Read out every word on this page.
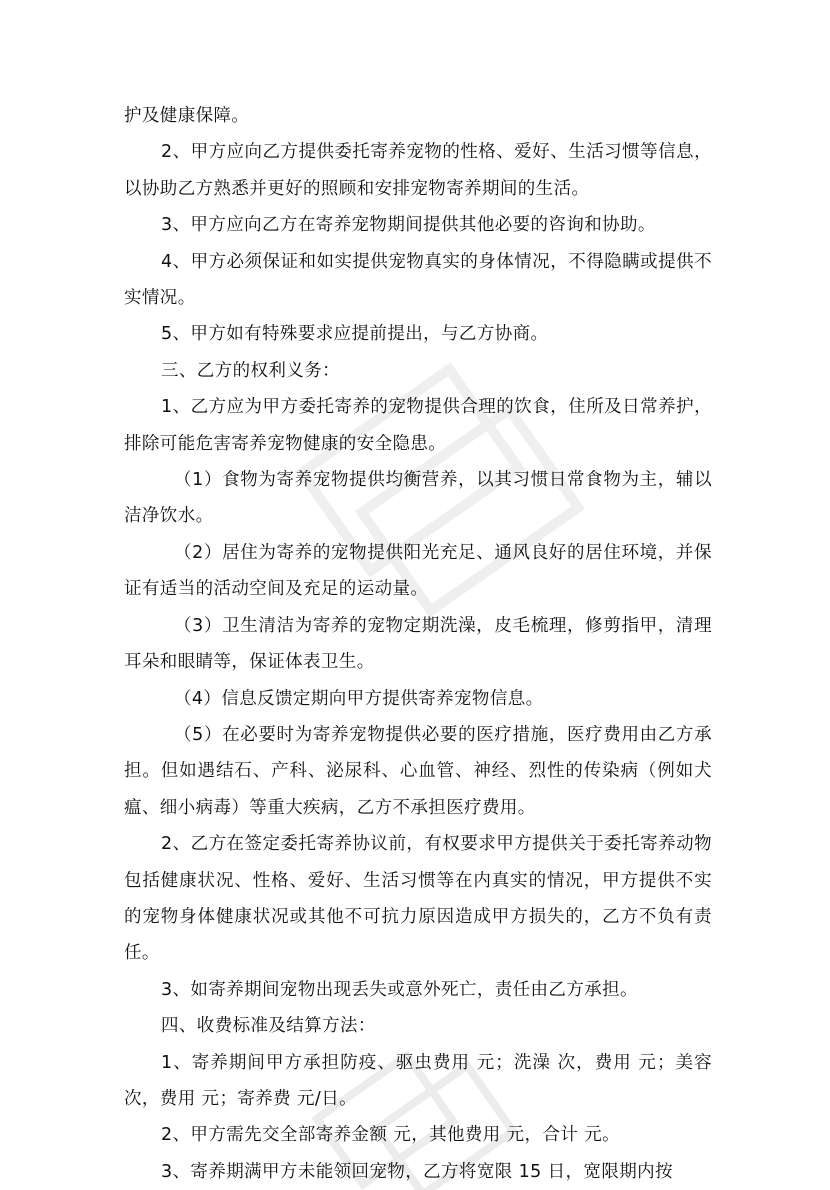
护及健康保障。

2、甲方应向乙方提供委托寄养宠物的性格、爱好、生活习惯等信息，以协助乙方熟悉并更好的照顾和安排宠物寄养期间的生活。

3、甲方应向乙方在寄养宠物期间提供其他必要的咨询和协助。

4、甲方必须保证和如实提供宠物真实的身体情况，不得隐瞒或提供不实情况。

5、甲方如有特殊要求应提前提出，与乙方协商。

三、乙方的权利义务：

1、乙方应为甲方委托寄养的宠物提供合理的饮食，住所及日常养护，排除可能危害寄养宠物健康的安全隐患。

（1）食物为寄养宠物提供均衡营养，以其习惯日常食物为主，辅以洁净饮水。

（2）居住为寄养的宠物提供阳光充足、通风良好的居住环境，并保证有适当的活动空间及充足的运动量。

（3）卫生清洁为寄养的宠物定期洗澡，皮毛梳理，修剪指甲，清理耳朵和眼睛等，保证体表卫生。

（4）信息反馈定期向甲方提供寄养宠物信息。

（5）在必要时为寄养宠物提供必要的医疗措施，医疗费用由乙方承担。但如遇结石、产科、泌尿科、心血管、神经、烈性的传染病（例如犬瘟、细小病毒）等重大疾病，乙方不承担医疗费用。

2、乙方在签定委托寄养协议前，有权要求甲方提供关于委托寄养动物包括健康状况、性格、爱好、生活习惯等在内真实的情况，甲方提供不实的宠物身体健康状况或其他不可抗力原因造成甲方损失的，乙方不负有责任。

3、如寄养期间宠物出现丢失或意外死亡，责任由乙方承担。

四、收费标准及结算方法：

1、寄养期间甲方承担防疫、驱虫费用 元；洗澡 次，费用 元；美容 次，费用 元；寄养费 元/日。

2、甲方需先交全部寄养金额 元，其他费用 元，合计 元。

3、寄养期满甲方未能领回宠物，乙方将宽限 15 日，宽限期内按
